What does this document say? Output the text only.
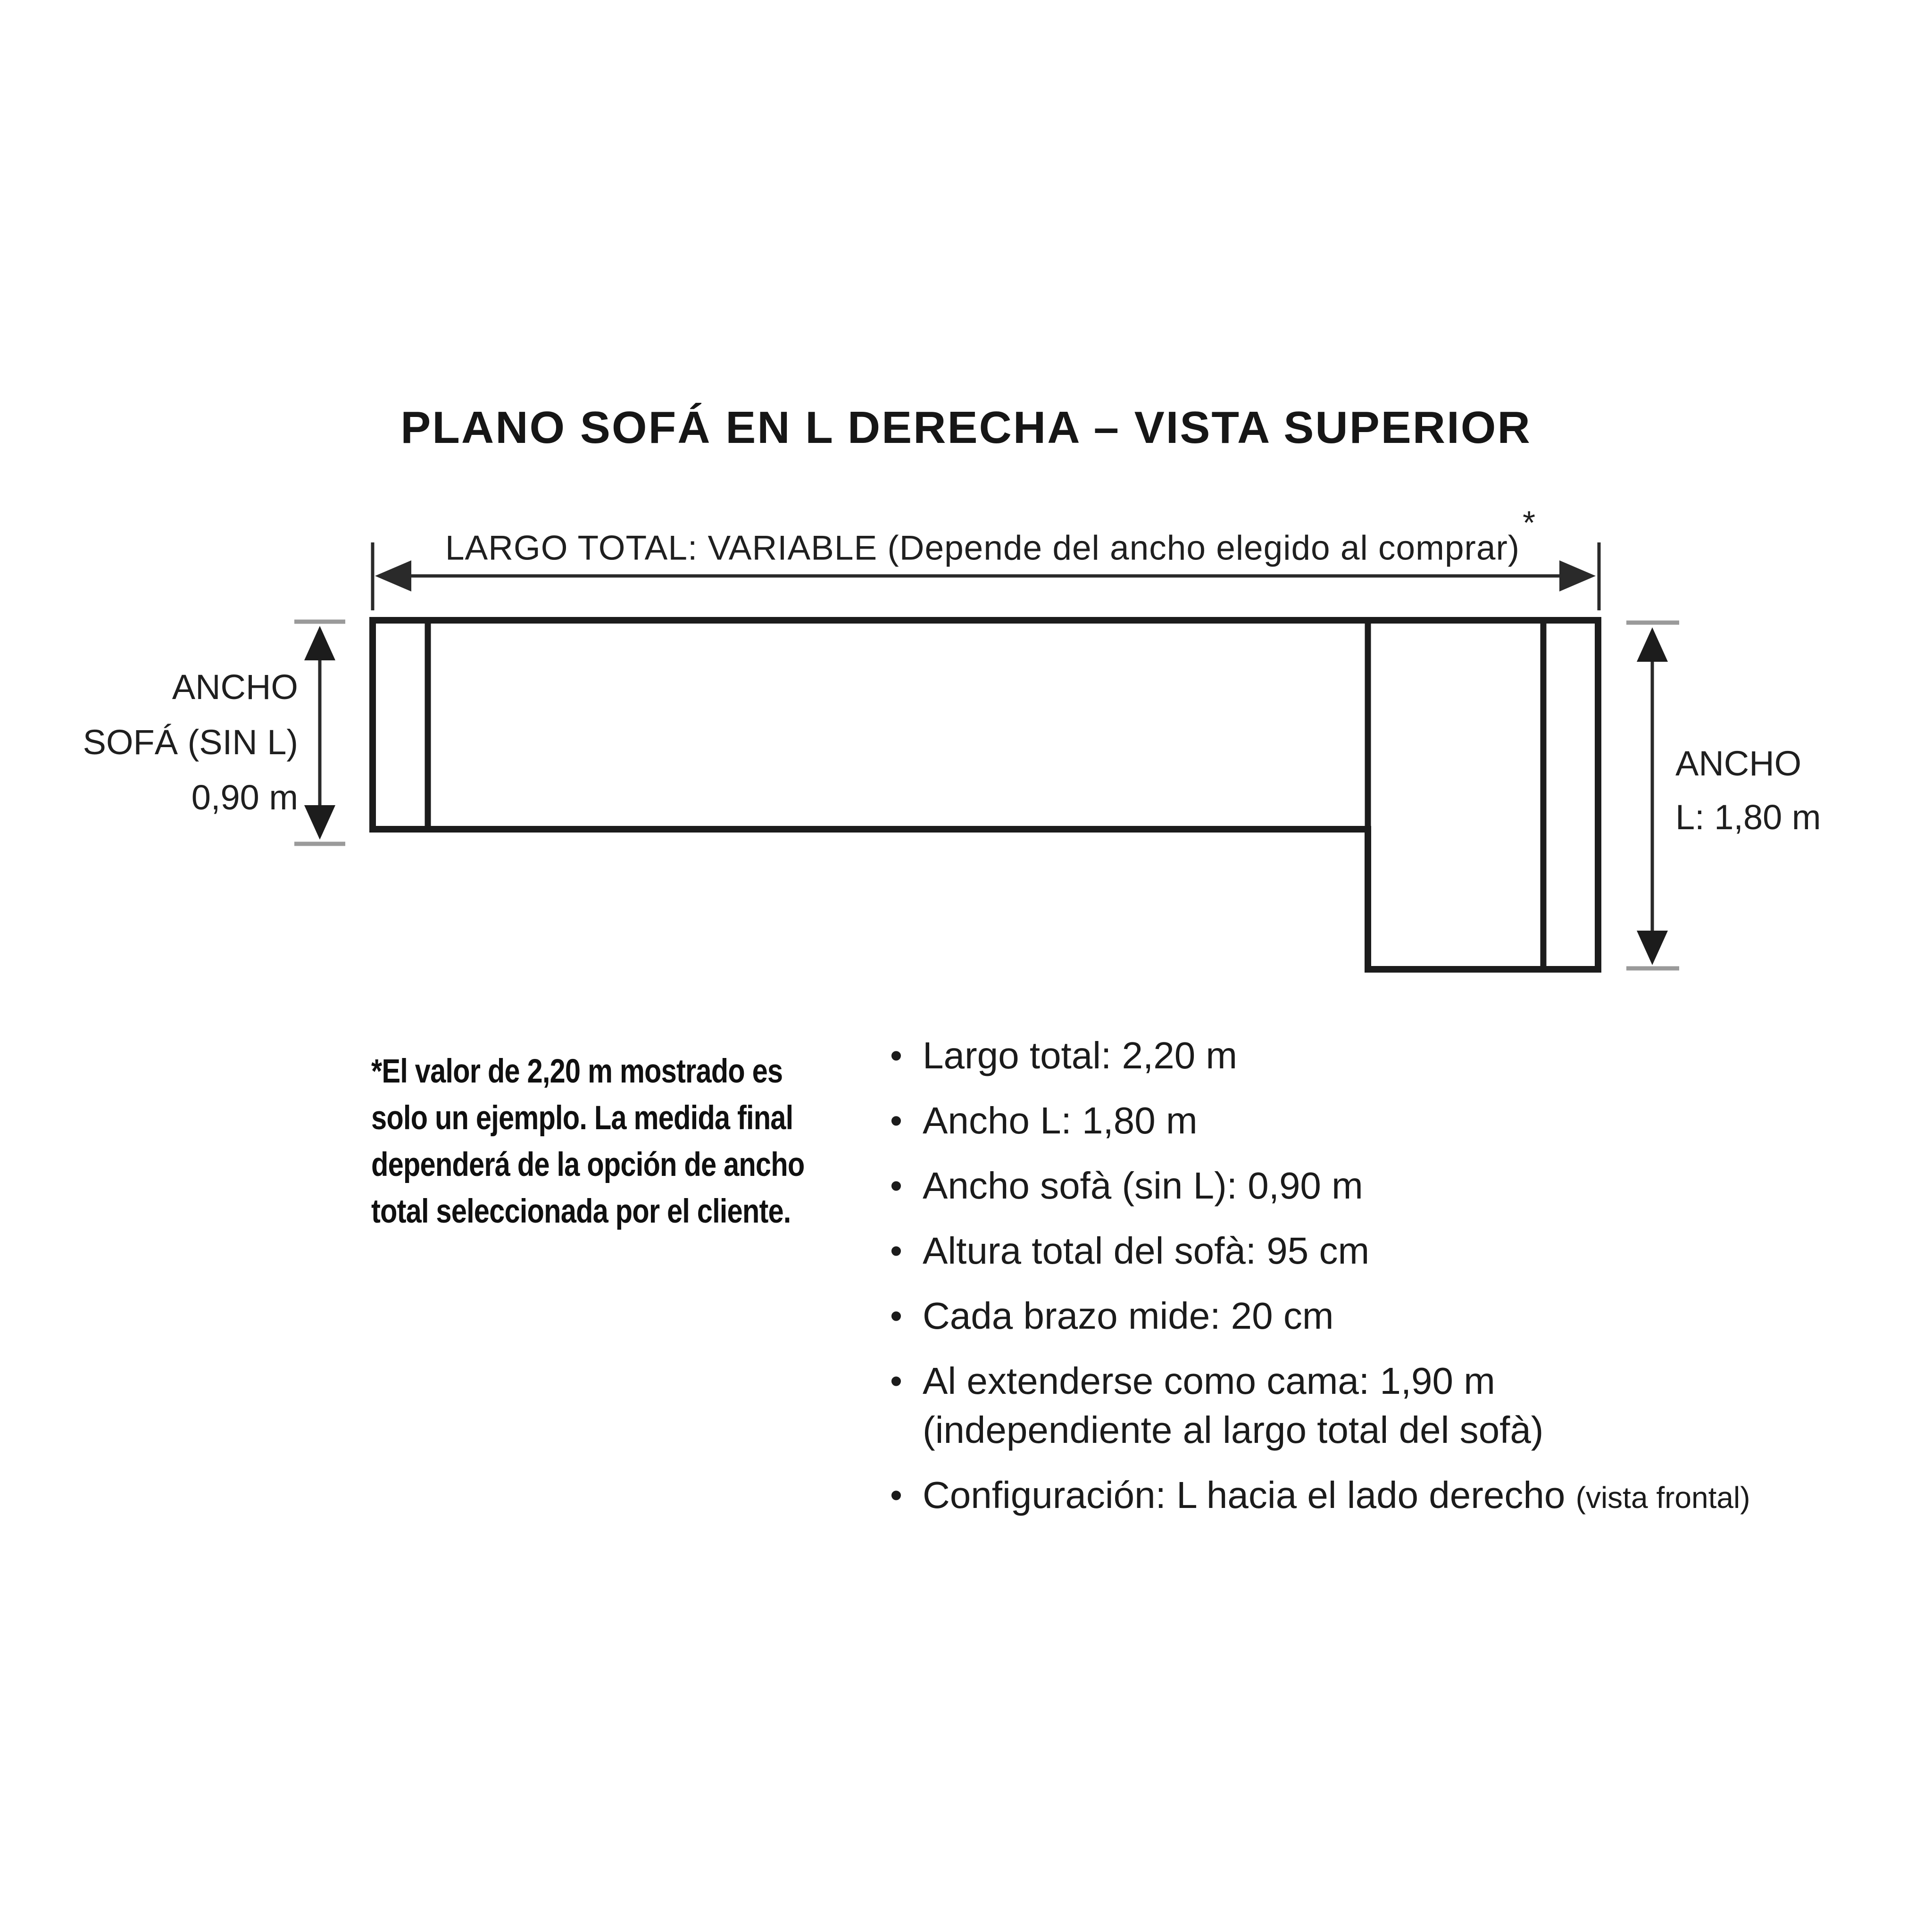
PLANO SOFÁ EN L DERECHA – VISTA SUPERIOR
LARGO TOTAL: VARIABLE (Depende del ancho elegido al comprar)*
ANCHO
SOFÁ (SIN L)
0,90 m
ANCHO
L: 1,80 m
*El valor de 2,20 m mostrado es
solo un ejemplo. La medida final
dependerá de la opción de ancho
total seleccionada por el cliente.
• Largo total: 2,20 m
• Ancho L: 1,80 m
• Ancho sofà (sin L): 0,90 m
• Altura total del sofà: 95 cm
• Cada brazo mide: 20 cm
• Al extenderse como cama: 1,90 m
(independiente al largo total del sofà)
• Configuración: L hacia el lado derecho (vista frontal)
